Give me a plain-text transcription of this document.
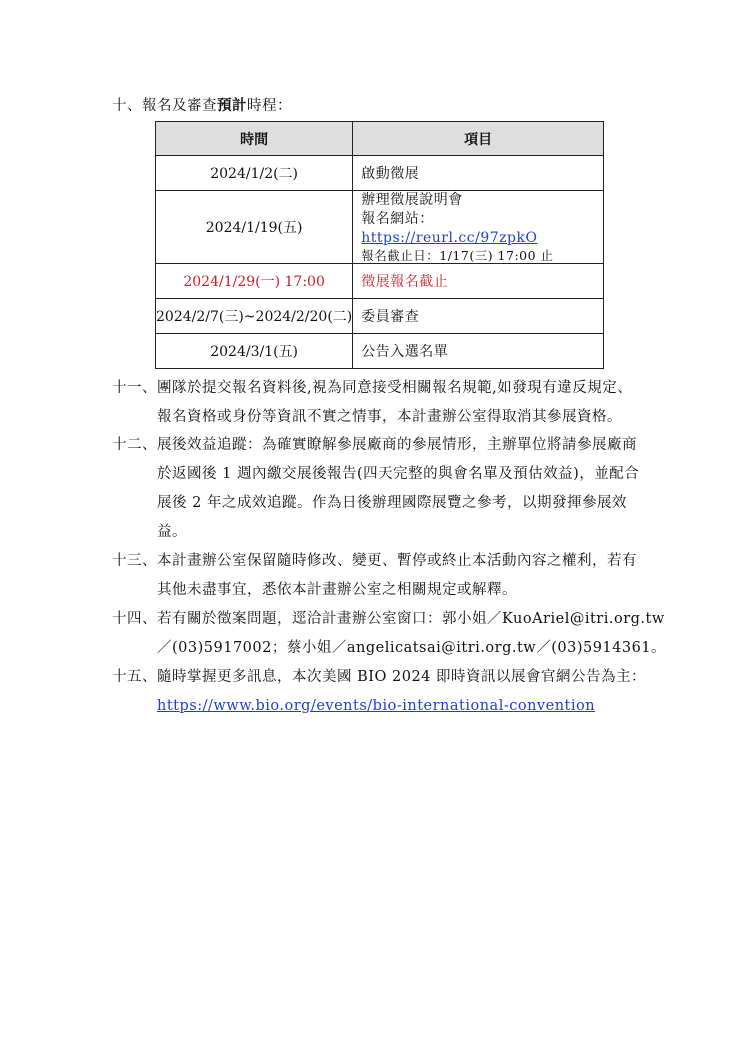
十、報名及審查預計時程：
時間	項目
2024/1/2(二)	啟動徵展
2024/1/19(五)	辦理徵展說明會
報名網站：https://reurl.cc/97zpkO
報名截止日：1/17(三) 17:00 止

2024/1/29(一) 17:00	徵展報名截止
2024/2/7(三)~2024/2/20(二)	委員審查
2024/3/1(五)	公告入選名單
十一、團隊於提交報名資料後,視為同意接受相關報名規範,如發現有違反規定、
報名資格或身份等資訊不實之情事，本計畫辦公室得取消其參展資格。
十二、展後效益追蹤：為確實瞭解參展廠商的參展情形，主辦單位將請參展廠商
於返國後 1 週內繳交展後報告(四天完整的與會名單及預估效益)，並配合
展後 2 年之成效追蹤。作為日後辦理國際展覽之參考，以期發揮參展效
益。
十三、本計畫辦公室保留隨時修改、變更、暫停或終止本活動內容之權利，若有
其他未盡事宜，悉依本計畫辦公室之相關規定或解釋。
十四、若有關於徵案問題，逕洽計畫辦公室窗口：郭小姐／KuoAriel@itri.org.tw
／(03)5917002；蔡小姐／angelicatsai@itri.org.tw／(03)5914361。
十五、隨時掌握更多訊息，本次美國 BIO 2024 即時資訊以展會官網公告為主：
https://www.bio.org/events/bio-international-convention
